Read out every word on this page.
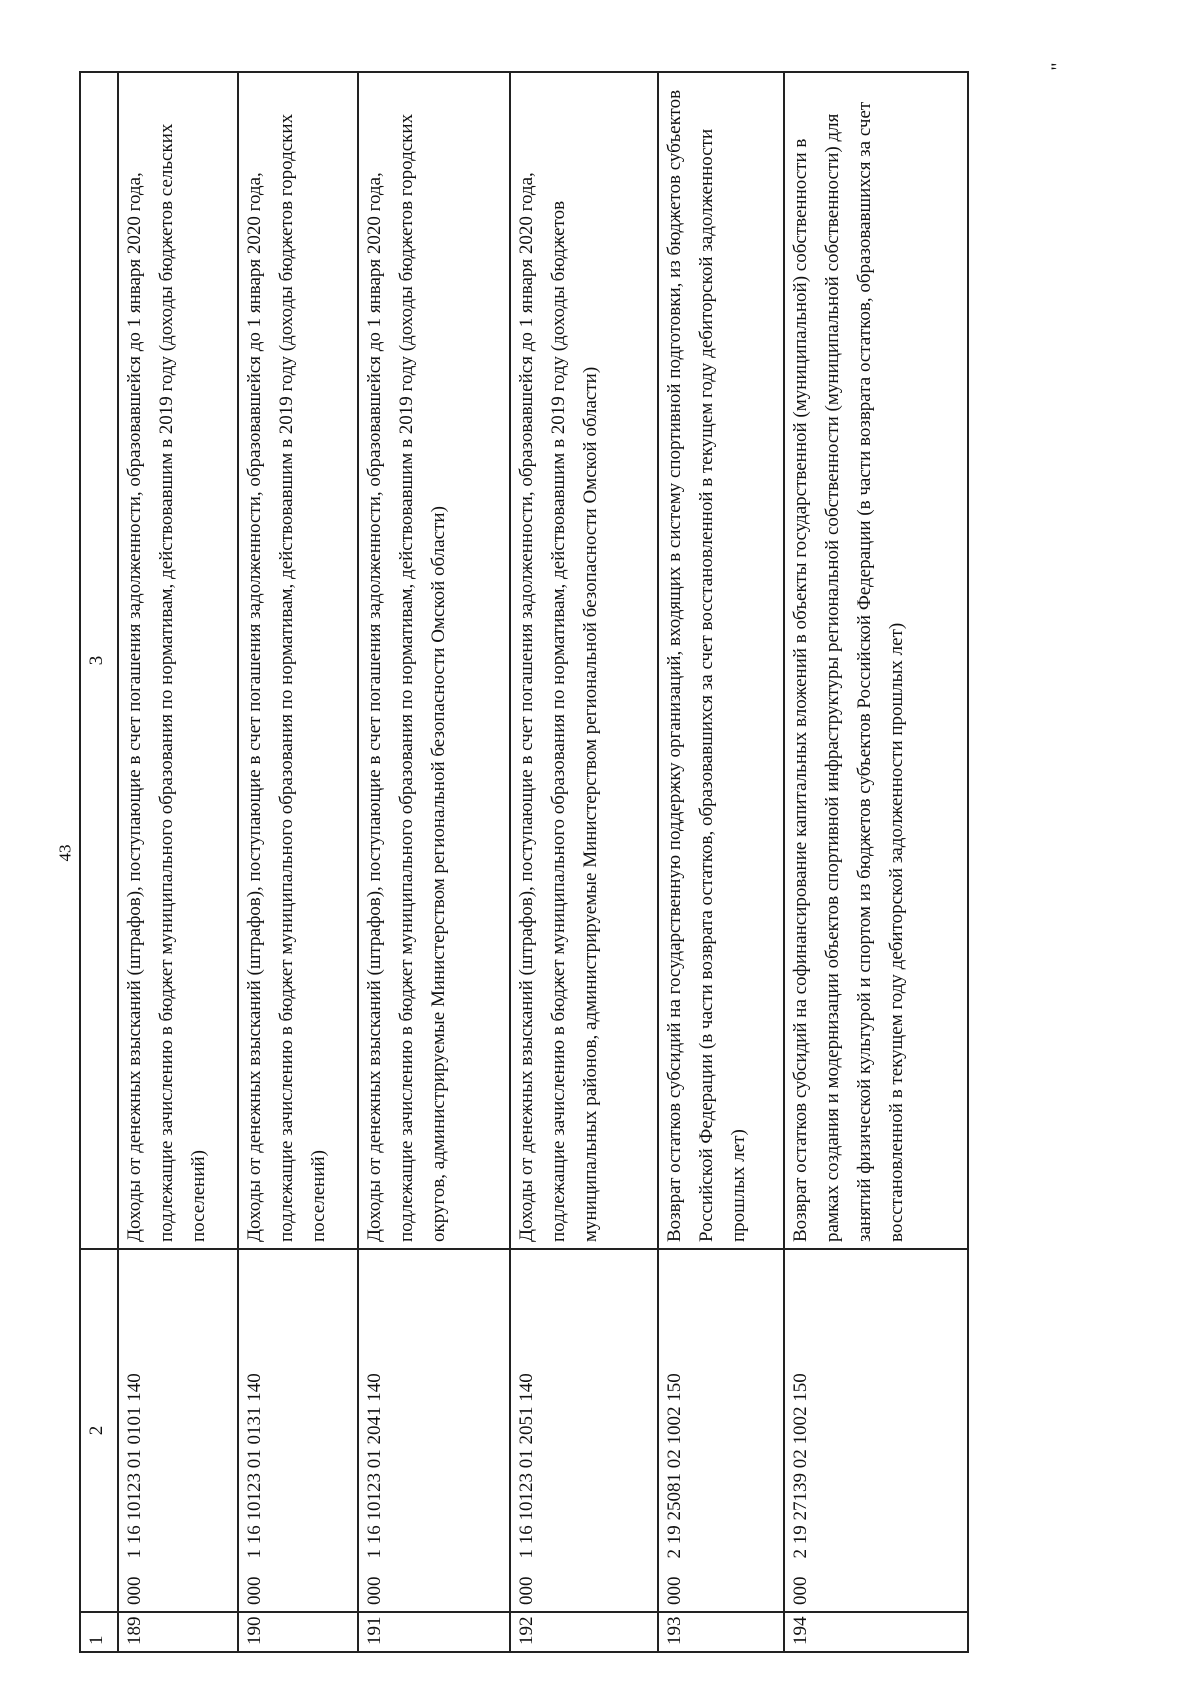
43
"
1	2	3
189	0001 16 10123 01 0101 140	Доходы от денежных взысканий (штрафов), поступающие в счет погашения задолженности, образовавшейся до 1 января 2020 года, подлежащие зачислению в бюджет муниципального образования по нормативам, действовавшим в 2019 году (доходы бюджетов сельских поселений)
190	0001 16 10123 01 0131 140	Доходы от денежных взысканий (штрафов), поступающие в счет погашения задолженности, образовавшейся до 1 января 2020 года, подлежащие зачислению в бюджет муниципального образования по нормативам, действовавшим в 2019 году (доходы бюджетов городских поселений)
191	0001 16 10123 01 2041 140	Доходы от денежных взысканий (штрафов), поступающие в счет погашения задолженности, образовавшейся до 1 января 2020 года, подлежащие зачислению в бюджет муниципального образования по нормативам, действовавшим в 2019 году (доходы бюджетов городских округов, администрируемые Министерством региональной безопасности Омской области)
192	0001 16 10123 01 2051 140	Доходы от денежных взысканий (штрафов), поступающие в счет погашения задолженности, образовавшейся до 1 января 2020 года, подлежащие зачислению в бюджет муниципального образования по нормативам, действовавшим в 2019 году (доходы бюджетов муниципальных районов, администрируемые Министерством региональной безопасности Омской области)
193	0002 19 25081 02 1002 150	Возврат остатков субсидий на государственную поддержку организаций, входящих в систему спортивной подготовки, из бюджетов субъектов Российской Федерации (в части возврата остатков, образовавшихся за счет восстановленной в текущем году дебиторской задолженности прошлых лет)
194	0002 19 27139 02 1002 150	Возврат остатков субсидий на софинансирование капитальных вложений в объекты государственной (муниципальной) собственности в рамках создания и модернизации объектов спортивной инфраструктуры региональной собственности (муниципальной собственности) для занятий физической культурой и спортом из бюджетов субъектов Российской Федерации (в части возврата остатков, образовавшихся за счет восстановленной в текущем году дебиторской задолженности прошлых лет)
